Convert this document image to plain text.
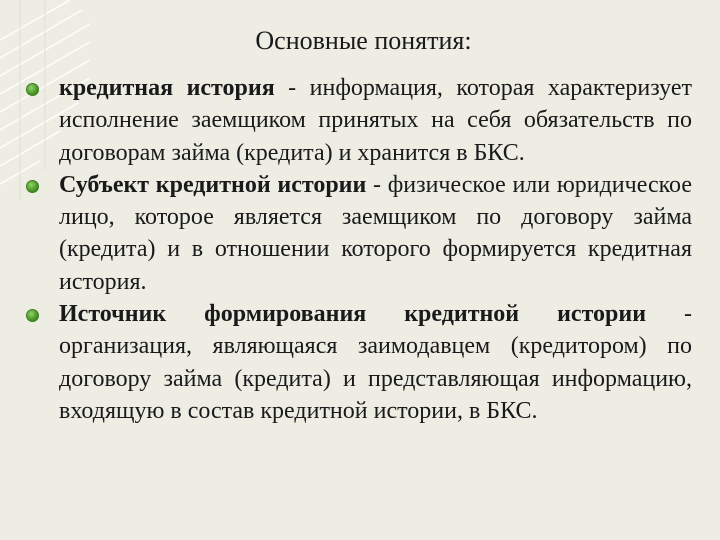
Основные понятия:
кредитная история - информация, которая характеризует исполнение заемщиком принятых на себя обязательств по договорам займа (кредита) и хранится в БКС.
Субъект кредитной истории - физическое или юридическое лицо, которое является заемщиком по договору займа (кредита) и в отношении которого формируется кредитная история.
Источник формирования кредитной истории - организация, являющаяся заимодавцем (кредитором) по договору займа (кредита) и представляющая информацию, входящую в состав кредитной истории, в БКС.
